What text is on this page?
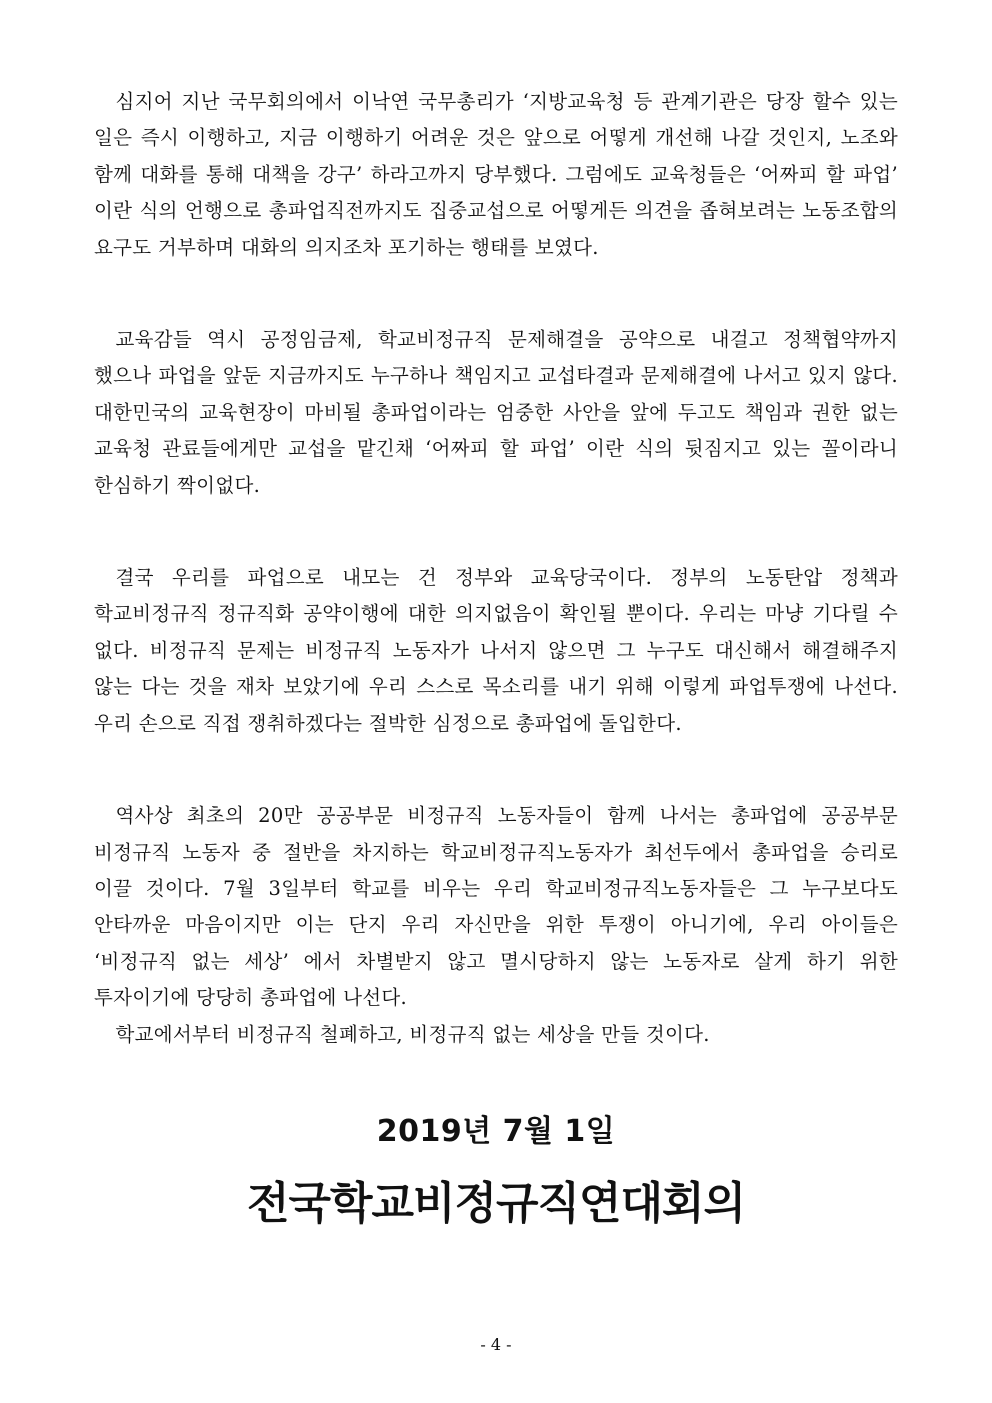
심지어 지난 국무회의에서 이낙연 국무총리가 ‘지방교육청 등 관계기관은 당장 할수 있는 일은 즉시 이행하고, 지금 이행하기 어려운 것은 앞으로 어떻게 개선해 나갈 것인지, 노조와 함께 대화를 통해 대책을 강구’ 하라고까지 당부했다. 그럼에도 교육청들은 ‘어짜피 할 파업’ 이란 식의 언행으로 총파업직전까지도 집중교섭으로 어떻게든 의견을 좁혀보려는 노동조합의 요구도 거부하며 대화의 의지조차 포기하는 행태를 보였다.

교육감들 역시 공정임금제, 학교비정규직 문제해결을 공약으로 내걸고 정책협약까지 했으나 파업을 앞둔 지금까지도 누구하나 책임지고 교섭타결과 문제해결에 나서고 있지 않다. 대한민국의 교육현장이 마비될 총파업이라는 엄중한 사안을 앞에 두고도 책임과 권한 없는 교육청 관료들에게만 교섭을 맡긴채 ‘어짜피 할 파업’ 이란 식의 뒷짐지고 있는 꼴이라니 한심하기 짝이없다.

결국 우리를 파업으로 내모는 건 정부와 교육당국이다. 정부의 노동탄압 정책과 학교비정규직 정규직화 공약이행에 대한 의지없음이 확인될 뿐이다. 우리는 마냥 기다릴 수 없다. 비정규직 문제는 비정규직 노동자가 나서지 않으면 그 누구도 대신해서 해결해주지 않는 다는 것을 재차 보았기에 우리 스스로 목소리를 내기 위해 이렇게 파업투쟁에 나선다. 우리 손으로 직접 쟁취하겠다는 절박한 심정으로 총파업에 돌입한다.

역사상 최초의 20만 공공부문 비정규직 노동자들이 함께 나서는 총파업에 공공부문 비정규직 노동자 중 절반을 차지하는 학교비정규직노동자가 최선두에서 총파업을 승리로 이끌 것이다. 7월 3일부터 학교를 비우는 우리 학교비정규직노동자들은 그 누구보다도 안타까운 마음이지만 이는 단지 우리 자신만을 위한 투쟁이 아니기에, 우리 아이들은 ‘비정규직 없는 세상’ 에서 차별받지 않고 멸시당하지 않는 노동자로 살게 하기 위한 투자이기에 당당히 총파업에 나선다.

학교에서부터 비정규직 철폐하고, 비정규직 없는 세상을 만들 것이다.

2019년 7월 1일
전국학교비정규직연대회의
- 4 -
